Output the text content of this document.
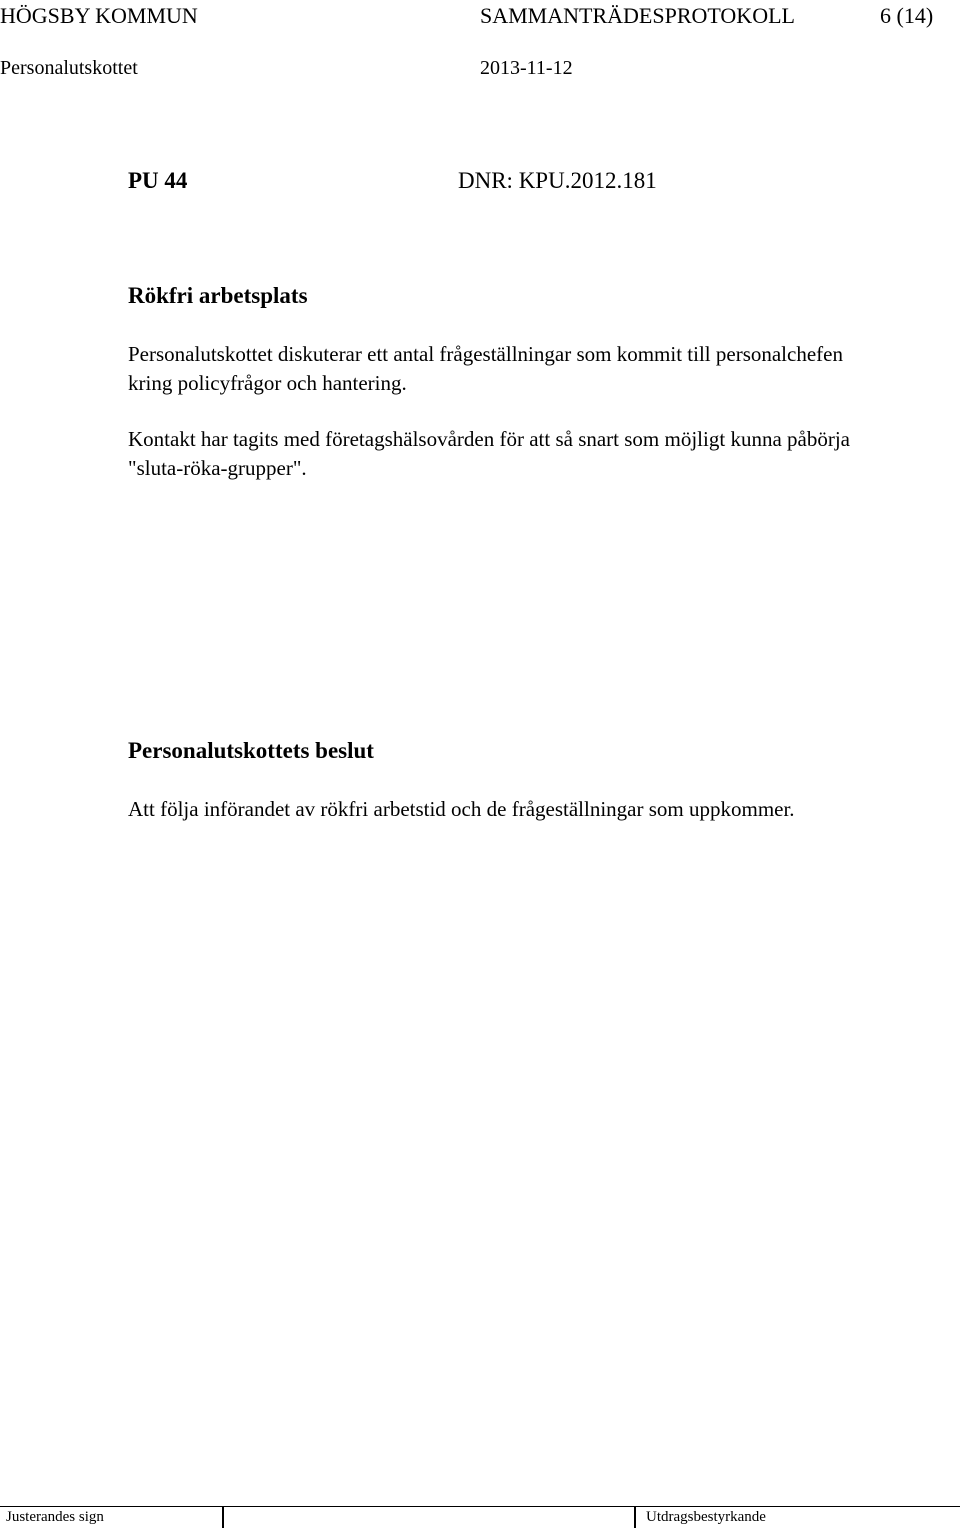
HÖGSBY KOMMUN	SAMMANTRÄDESPROTOKOLL	6 (14)
Personalutskottet	2013-11-12
PU 44	DNR: KPU.2012.181
Rökfri arbetsplats
Personalutskottet diskuterar ett antal frågeställningar som kommit till personalchefen kring policyfrågor och hantering.
Kontakt har tagits med företagshälsovården för att så snart som möjligt kunna påbörja "sluta-röka-grupper".
Personalutskottets beslut
Att följa införandet av rökfri arbetstid och de frågeställningar som uppkommer.
Justerandes sign	Utdragsbestyrkande
